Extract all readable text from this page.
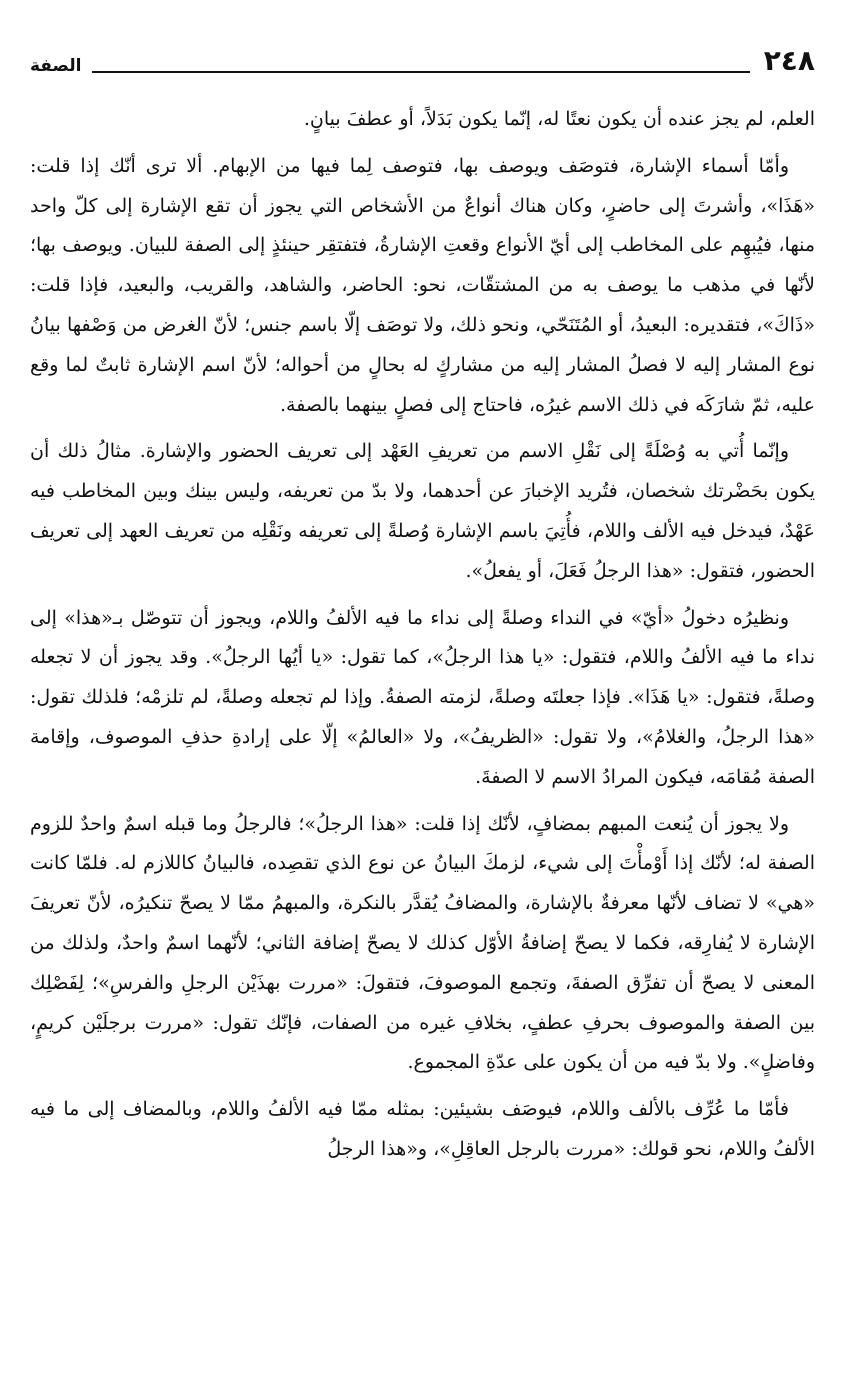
الصفة	٢٤٨

العلم، لم يجز عنده أن يكون نعتًا له، إنّما يكون بَدَلاً، أو عطفَ بيانٍ.

وأمّا أسماء الإشارة، فتوصَف ويوصف بها، فتوصف لِما فيها من الإبهام. ألا ترى أنّك إذا قلت: «هَذَا»، وأشرتَ إلى حاضرٍ، وكان هناك أنواعٌ من الأشخاص التي يجوز أن تقع الإشارة إلى كلّ واحد منها، فيُبهِم على المخاطب إلى أيّ الأنواع وقعتِ الإشارةُ، فتفتقِر حينئذٍ إلى الصفة للبيان. ويوصف بها؛ لأنّها في مذهب ما يوصف به من المشتقّات، نحو: الحاضر، والشاهد، والقريب، والبعيد، فإذا قلت: «ذَاكَ»، فتقديره: البعيدُ، أو المُتَنَحّي، ونحو ذلك، ولا توصَف إلّا باسم جنس؛ لأنّ الغرض من وَصْفها بيانُ نوع المشار إليه لا فصلُ المشار إليه من مشاركٍ له بحالٍ من أحواله؛ لأنّ اسم الإشارة ثابتٌ لما وقع عليه، ثمّ شارَكَه في ذلك الاسم غيرُه، فاحتاج إلى فصلٍ بينهما بالصفة.

وإنّما أُتي به وُصْلَةً إلى نَقْلِ الاسم من تعريفِ العَهْد إلى تعريف الحضور والإشارة. مثالُ ذلك أن يكون بحَضْرتك شخصان، فتُريد الإخبارَ عن أحدهما، ولا بدّ من تعريفه، وليس بينك وبين المخاطب فيه عَهْدٌ، فيدخل فيه الألف واللام، فأُتِيَ باسم الإشارة وُصلةً إلى تعريفه ونَقْلِه من تعريف العهد إلى تعريف الحضور، فتقول: «هذا الرجلُ فَعَلَ، أو يفعلُ».

ونظيرُه دخولُ «أيّ» في النداء وصلةً إلى نداء ما فيه الألفُ واللام، ويجوز أن تتوصّل بـ«هذا» إلى نداء ما فيه الألفُ واللام، فتقول: «يا هذا الرجلُ»، كما تقول: «يا أيُها الرجلُ». وقد يجوز أن لا تجعله وصلةً، فتقول: «يا هَذَا». فإذا جعلتَه وصلةً، لزمته الصفةُ. وإذا لم تجعله وصلةً، لم تلزمْه؛ فلذلك تقول: «هذا الرجلُ، والغلامُ»، ولا تقول: «الظريفُ»، ولا «العالمُ» إلّا على إرادةِ حذفِ الموصوف، وإقامة الصفة مُقامَه، فيكون المرادُ الاسم لا الصفةَ.

ولا يجوز أن يُنعت المبهم بمضافٍ، لأنّك إذا قلت: «هذا الرجلُ»؛ فالرجلُ وما قبله اسمٌ واحدٌ للزوم الصفة له؛ لأنّك إذا أَوْمأْتَ إلى شيء، لزمكَ البيانُ عن نوع الذي تقصِده، فالبيانُ كاللازم له. فلمّا كانت «هي» لا تضاف لأنّها معرفةٌ بالإشارة، والمضافُ يُقدَّر بالنكرة، والمبهمُ ممّا لا يصحّ تنكيرُه، لأنّ تعريفَ الإشارة لا يُفارِقه، فكما لا يصحّ إضافةُ الأوّل كذلك لا يصحّ إضافة الثاني؛ لأنّهما اسمٌ واحدٌ، ولذلك من المعنى لا يصحّ أن تفرِّق الصفةَ، وتجمع الموصوفَ، فتقولَ: «مررت بهذَيْن الرجلِ والفرسِ»؛ لِفَصْلِك بين الصفة والموصوف بحرفِ عطفٍ، بخلافِ غيره من الصفات، فإنّك تقول: «مررت برجلَيْن كريمٍ، وفاضلٍ». ولا بدّ فيه من أن يكون على عدّةِ المجموع.

فأمّا ما عُرِّف بالألف واللام، فيوصَف بشيئين: بمثله ممّا فيه الألفُ واللام، وبالمضاف إلى ما فيه الألفُ واللام، نحو قولك: «مررت بالرجل العاقِلِ»، و«هذا الرجلُ
